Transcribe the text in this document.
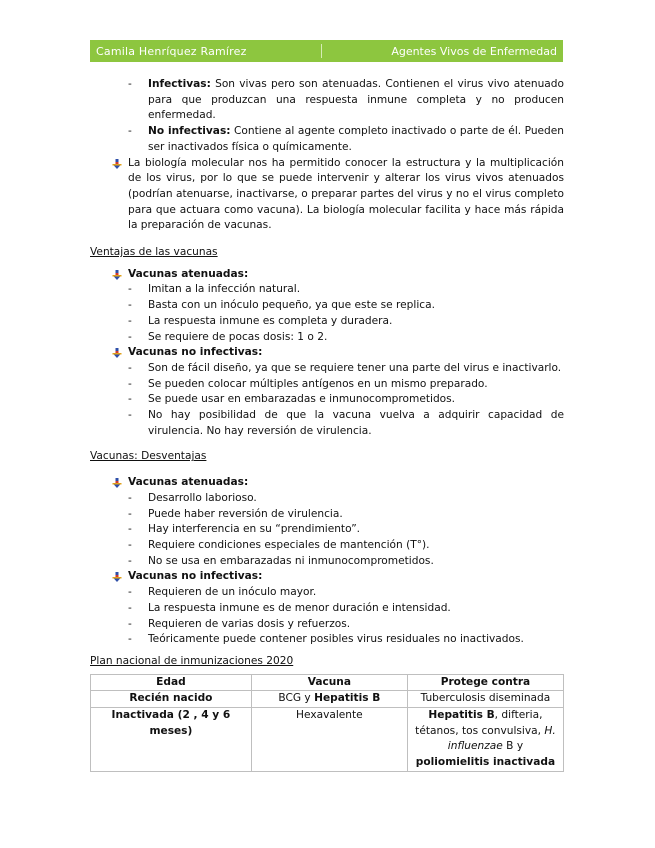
Camila Henríquez Ramírez	Agentes Vivos de Enfermedad
- Infectivas: Son vivas pero son atenuadas. Contienen el virus vivo atenuado para que produzcan una respuesta inmune completa y no producen enfermedad.
- No infectivas: Contiene al agente completo inactivado o parte de él. Pueden ser inactivados física o químicamente.
La biología molecular nos ha permitido conocer la estructura y la multiplicación de los virus, por lo que se puede intervenir y alterar los virus vivos atenuados (podrían atenuarse, inactivarse, o preparar partes del virus y no el virus completo para que actuara como vacuna). La biología molecular facilita y hace más rápida la preparación de vacunas.
Ventajas de las vacunas
Vacunas atenuadas:
- Imitan a la infección natural.
- Basta con un inóculo pequeño, ya que este se replica.
- La respuesta inmune es completa y duradera.
- Se requiere de pocas dosis: 1 o 2.
Vacunas no infectivas:
- Son de fácil diseño, ya que se requiere tener una parte del virus e inactivarlo.
- Se pueden colocar múltiples antígenos en un mismo preparado.
- Se puede usar en embarazadas e inmunocomprometidos.
- No hay posibilidad de que la vacuna vuelva a adquirir capacidad de virulencia. No hay reversión de virulencia.
Vacunas: Desventajas
Vacunas atenuadas:
- Desarrollo laborioso.
- Puede haber reversión de virulencia.
- Hay interferencia en su “prendimiento”.
- Requiere condiciones especiales de mantención (T°).
- No se usa en embarazadas ni inmunocomprometidos.
Vacunas no infectivas:
- Requieren de un inóculo mayor.
- La respuesta inmune es de menor duración e intensidad.
- Requieren de varias dosis y refuerzos.
- Teóricamente puede contener posibles virus residuales no inactivados.
Plan nacional de inmunizaciones 2020
Edad	Vacuna	Protege contra
Recién nacido	BCG y Hepatitis B	Tuberculosis diseminada
Inactivada (2 , 4 y 6 meses)	Hexavalente	Hepatitis B, difteria, tétanos, tos convulsiva, H. influenzae B y poliomielitis inactivada
